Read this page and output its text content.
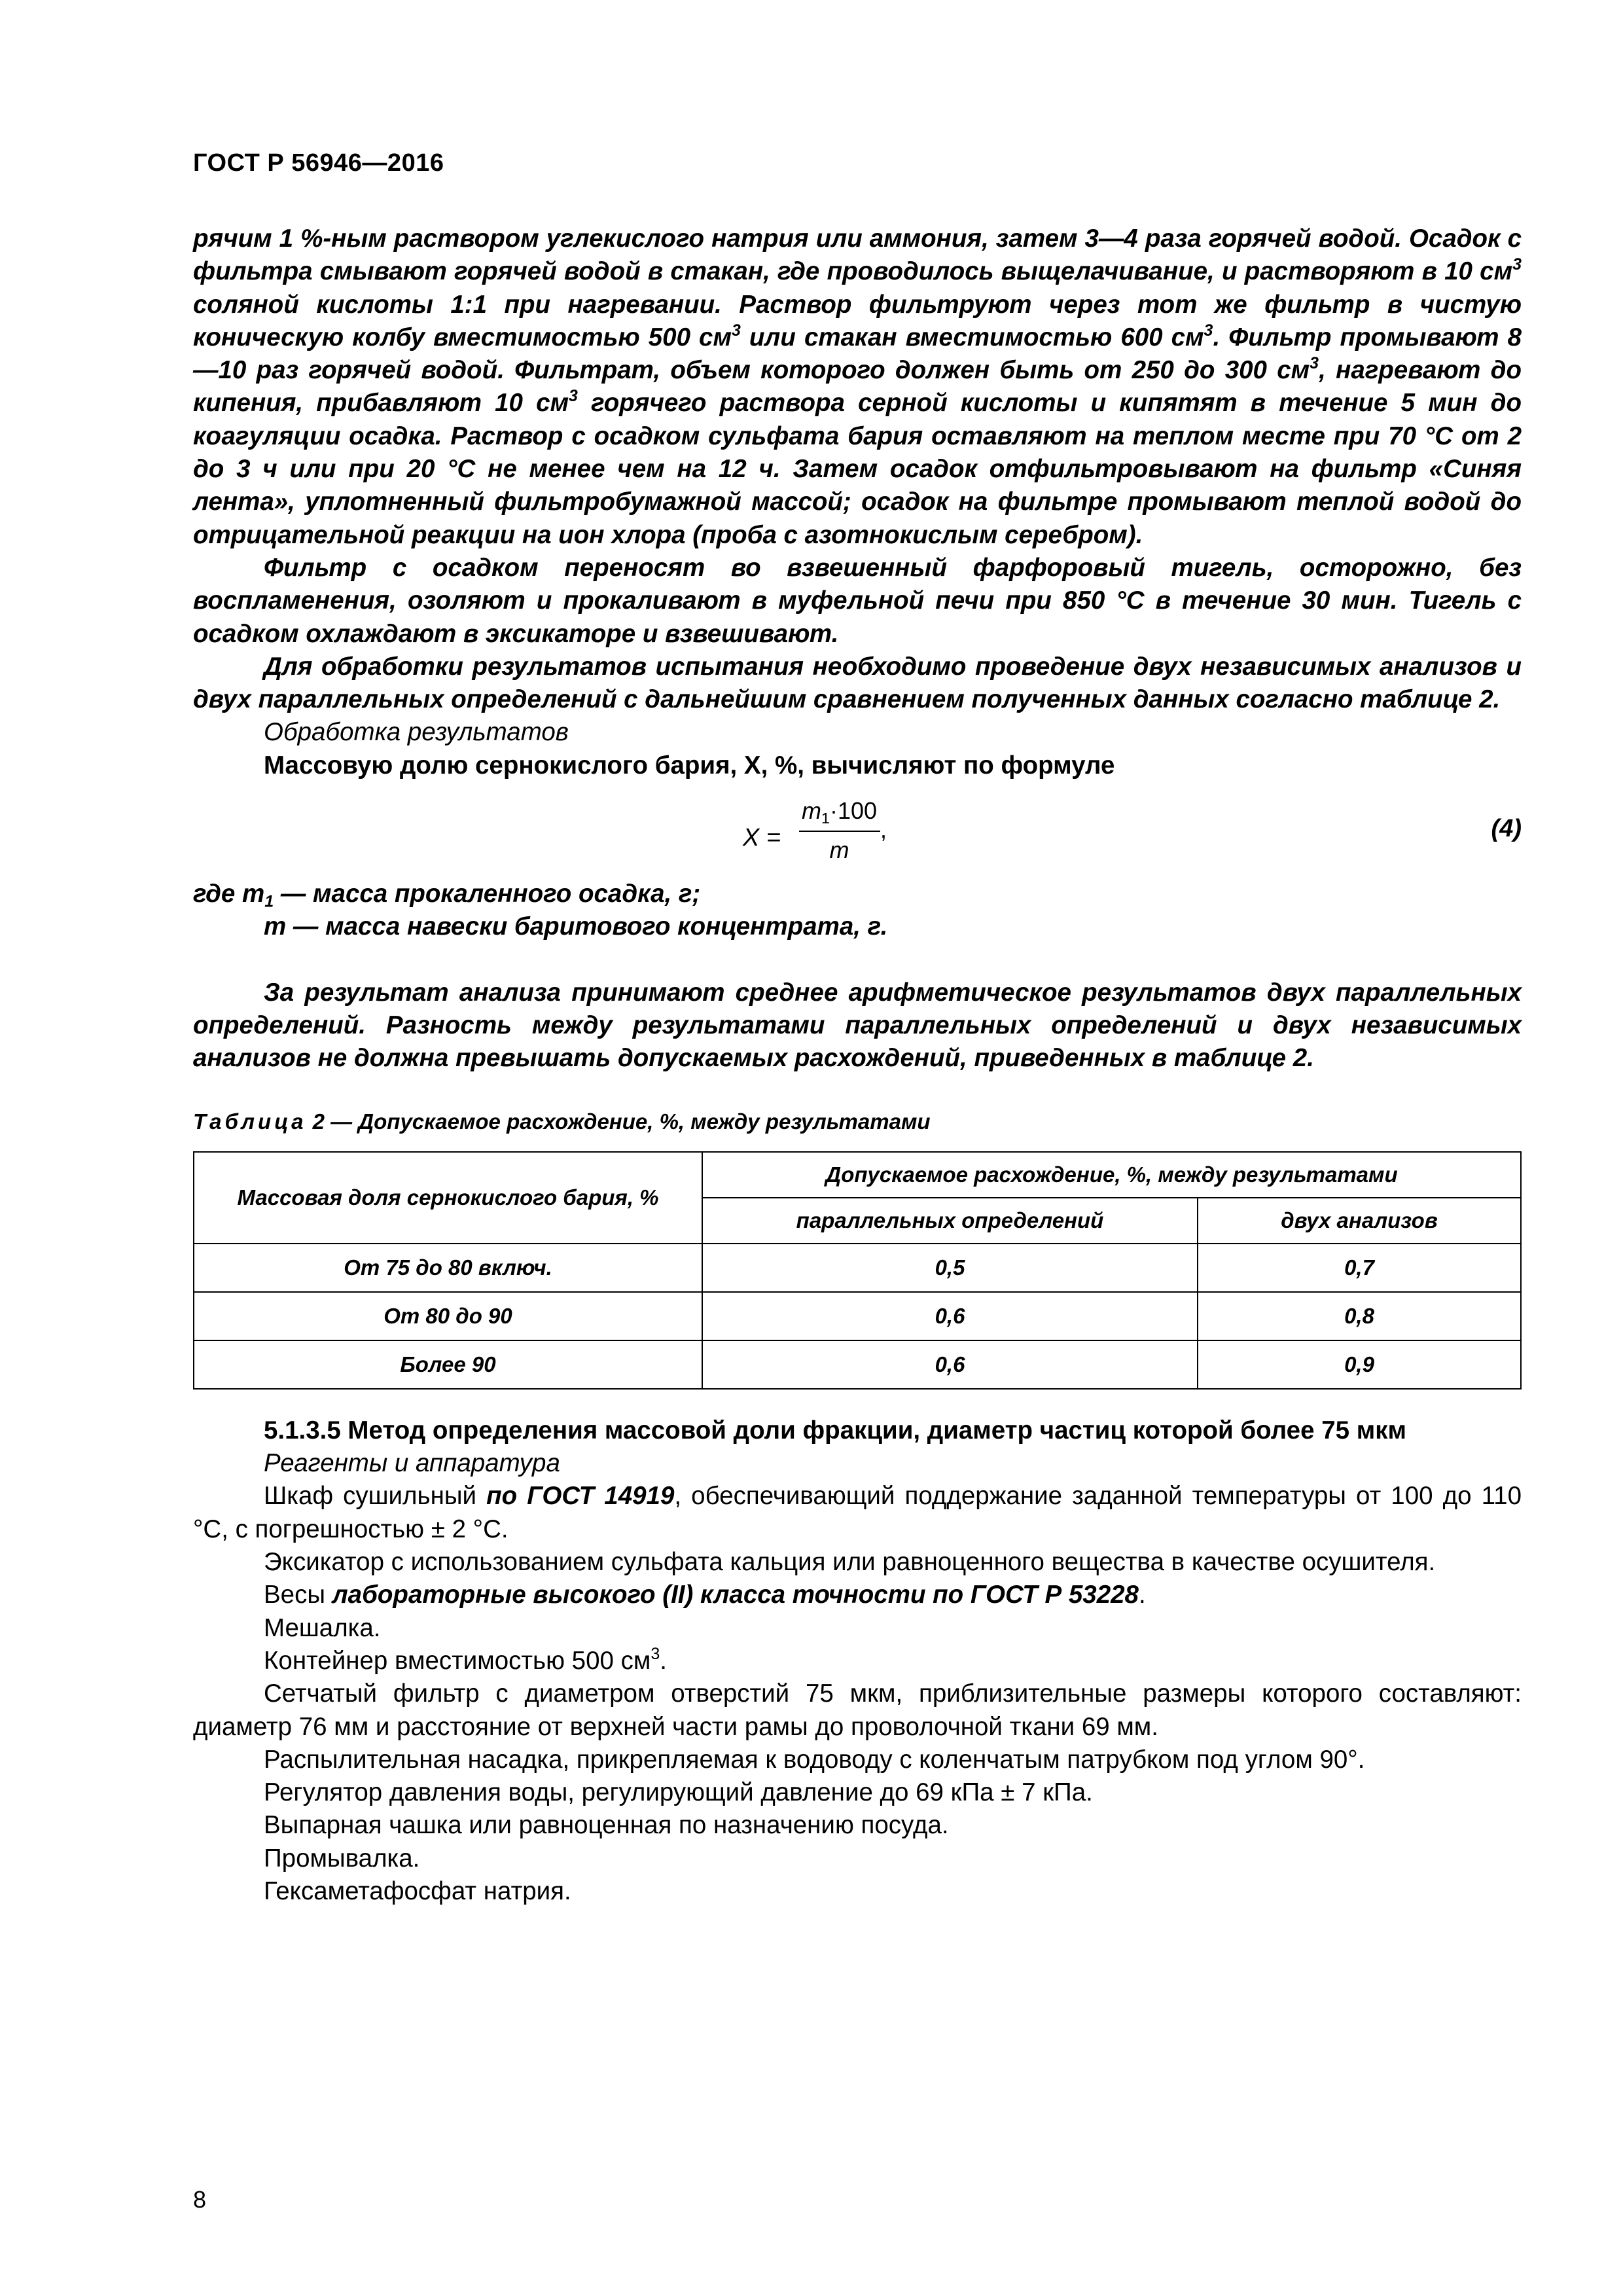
ГОСТ Р 56946—2016

рячим 1 %-ным раствором углекислого натрия или аммония, затем 3—4 раза горячей водой. Осадок с фильтра смывают горячей водой в стакан, где проводилось выщелачивание, и растворяют в 10 $см^3$ соляной кислоты 1:1 при нагревании. Раствор фильтруют через тот же фильтр в чистую коническую колбу вместимостью 500 $см^3$ или стакан вместимостью 600 $см^3$. Фильтр промывают 8—10 раз горячей водой. Фильтрат, объем которого должен быть от 250 до 300 $см^3$, нагревают до кипения, прибавляют 10 $см^3$ горячего раствора серной кислоты и кипятят в течение 5 мин до коагуляции осадка. Раствор с осадком сульфата бария оставляют на теплом месте при 70 °С от 2 до 3 ч или при 20 °С не менее чем на 12 ч. Затем осадок отфильтровывают на фильтр «Синяя лента», уплотненный фильтробумажной массой; осадок на фильтре промывают теплой водой до отрицательной реакции на ион хлора (проба с азотнокислым серебром).

Фильтр с осадком переносят во взвешенный фарфоровый тигель, осторожно, без воспламенения, озоляют и прокаливают в муфельной печи при 850 °С в течение 30 мин. Тигель с осадком охлаждают в эксикаторе и взвешивают.

Для обработки результатов испытания необходимо проведение двух независимых анализов и двух параллельных определений с дальнейшим сравнением полученных данных согласно таблице 2.

Обработка результатов

Массовую долю сернокислого бария, Х, %, вычисляют по формуле

X =
$m_1\cdot 100$
m
,	(4)

где $m_1$ — масса прокаленного осадка, г;

m — масса навески баритового концентрата, г.

За результат анализа принимают среднее арифметическое результатов двух параллельных определений. Разность между результатами параллельных определений и двух независимых анализов не должна превышать допускаемых расхождений, приведенных в таблице 2.

Таблица 2 — Допускаемое расхождение, %, между результатами
Массовая доля сернокислого бария, %	Допускаемое расхождение, %, между результатами	
	параллельных определений	двух анализов
От 75 до 80 включ.	0,5	0,7
От 80 до 90	0,6	0,8
Более 90	0,6	0,9

5.1.3.5 Метод определения массовой доли фракции, диаметр частиц которой более 75 мкм

Реагенты и аппаратура

Шкаф сушильный по ГОСТ 14919, обеспечивающий поддержание заданной температуры от 100 до 110 °С, с погрешностью ± 2 °С.

Эксикатор с использованием сульфата кальция или равноценного вещества в качестве осушителя.

Весы лабораторные высокого (II) класса точности по ГОСТ Р 53228.

Мешалка.

Контейнер вместимостью 500 $см^3$.

Сетчатый фильтр с диаметром отверстий 75 мкм, приблизительные размеры которого составляют: диаметр 76 мм и расстояние от верхней части рамы до проволочной ткани 69 мм.

Распылительная насадка, прикрепляемая к водоводу с коленчатым патрубком под углом 90°.

Регулятор давления воды, регулирующий давление до 69 кПа ± 7 кПа.

Выпарная чашка или равноценная по назначению посуда.

Промывалка.

Гексаметафосфат натрия.

8
